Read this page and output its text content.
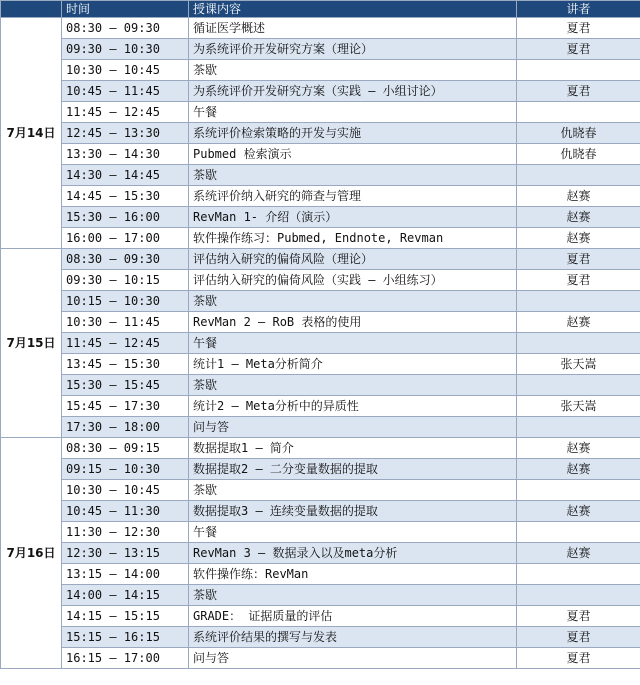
	时间	授课内容	讲者
7月14日	08:30 – 09:30	循证医学概述	夏君
	09:30 – 10:30	为系统评价开发研究方案（理论）	夏君
	10:30 – 10:45	茶歇	
	10:45 – 11:45	为系统评价开发研究方案（实践 – 小组讨论）	夏君
	11:45 – 12:45	午餐	
	12:45 – 13:30	系统评价检索策略的开发与实施	仇晓春
	13:30 – 14:30	Pubmed 检索演示	仇晓春
	14:30 – 14:45	茶歇	
	14:45 – 15:30	系统评价纳入研究的筛查与管理	赵赛
	15:30 – 16:00	RevMan 1- 介绍（演示）	赵赛
	16:00 – 17:00	软件操作练习：Pubmed, Endnote, Revman	赵赛
7月15日	08:30 – 09:30	评估纳入研究的偏倚风险（理论）	夏君
	09:30 – 10:15	评估纳入研究的偏倚风险（实践 – 小组练习）	夏君
	10:15 – 10:30	茶歇	
	10:30 – 11:45	RevMan 2 – RoB 表格的使用	赵赛
	11:45 – 12:45	午餐	
	13:45 – 15:30	统计1 – Meta分析简介	张天嵩
	15:30 – 15:45	茶歇	
	15:45 – 17:30	统计2 – Meta分析中的异质性	张天嵩
	17:30 – 18:00	问与答	
7月16日	08:30 – 09:15	数据提取1 – 简介	赵赛
	09:15 – 10:30	数据提取2 – 二分变量数据的提取	赵赛
	10:30 – 10:45	茶歇	
	10:45 – 11:30	数据提取3 – 连续变量数据的提取	赵赛
	11:30 – 12:30	午餐	
	12:30 – 13:15	RevMan 3 – 数据录入以及meta分析	赵赛
	13:15 – 14:00	软件操作练：RevMan	
	14:00 – 14:15	茶歇	
	14:15 – 15:15	GRADE： 证据质量的评估	夏君
	15:15 – 16:15	系统评价结果的撰写与发表	夏君
	16:15 – 17:00	问与答	夏君
